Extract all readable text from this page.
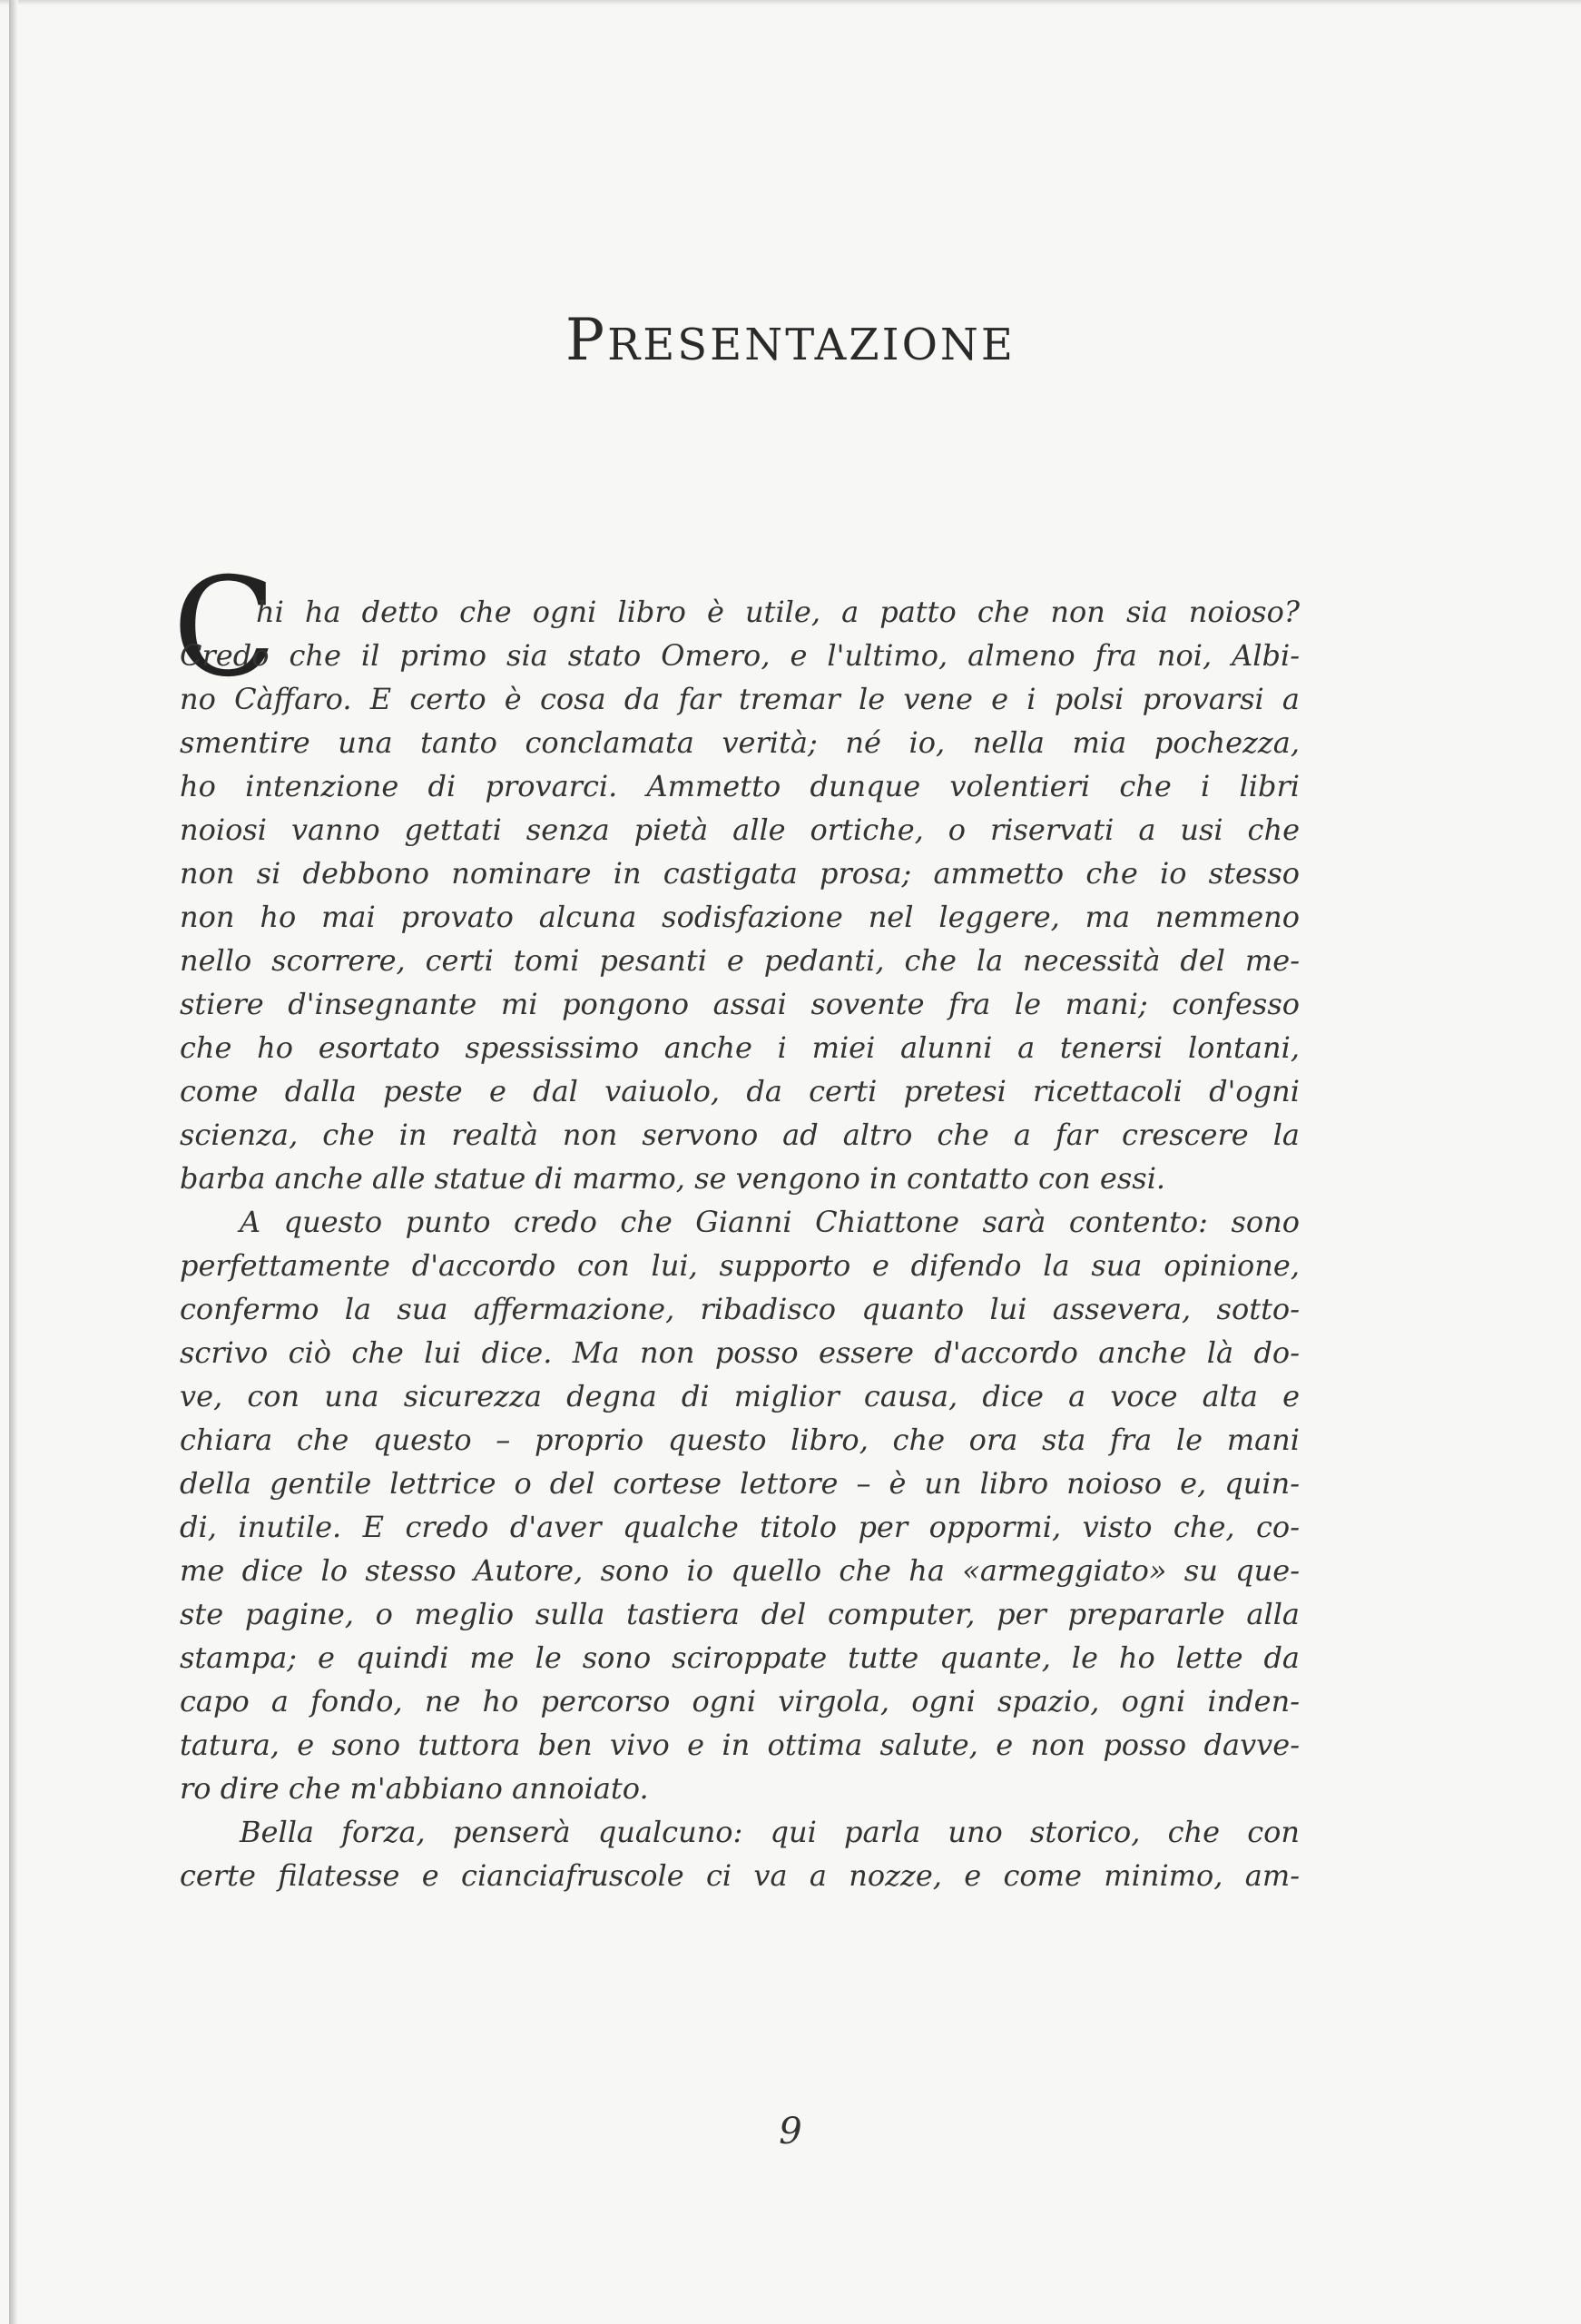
PRESENTAZIONE
C
hi ha detto che ogni libro è utile, a patto che non sia noioso?
Credo che il primo sia stato Omero, e l'ultimo, almeno fra noi, Albi-
no Càffaro. E certo è cosa da far tremar le vene e i polsi provarsi a
smentire una tanto conclamata verità; né io, nella mia pochezza,
ho intenzione di provarci. Ammetto dunque volentieri che i libri
noiosi vanno gettati senza pietà alle ortiche, o riservati a usi che
non si debbono nominare in castigata prosa; ammetto che io stesso
non ho mai provato alcuna sodisfazione nel leggere, ma nemmeno
nello scorrere, certi tomi pesanti e pedanti, che la necessità del me-
stiere d'insegnante mi pongono assai sovente fra le mani; confesso
che ho esortato spessissimo anche i miei alunni a tenersi lontani,
come dalla peste e dal vaiuolo, da certi pretesi ricettacoli d'ogni
scienza, che in realtà non servono ad altro che a far crescere la
barba anche alle statue di marmo, se vengono in contatto con essi.
A questo punto credo che Gianni Chiattone sarà contento: sono
perfettamente d'accordo con lui, supporto e difendo la sua opinione,
confermo la sua affermazione, ribadisco quanto lui assevera, sotto-
scrivo ciò che lui dice. Ma non posso essere d'accordo anche là do-
ve, con una sicurezza degna di miglior causa, dice a voce alta e
chiara che questo – proprio questo libro, che ora sta fra le mani
della gentile lettrice o del cortese lettore – è un libro noioso e, quin-
di, inutile. E credo d'aver qualche titolo per oppormi, visto che, co-
me dice lo stesso Autore, sono io quello che ha «armeggiato» su que-
ste pagine, o meglio sulla tastiera del computer, per prepararle alla
stampa; e quindi me le sono sciroppate tutte quante, le ho lette da
capo a fondo, ne ho percorso ogni virgola, ogni spazio, ogni inden-
tatura, e sono tuttora ben vivo e in ottima salute, e non posso davve-
ro dire che m'abbiano annoiato.
Bella forza, penserà qualcuno: qui parla uno storico, che con
certe filatesse e cianciafruscole ci va a nozze, e come minimo, am-
9
